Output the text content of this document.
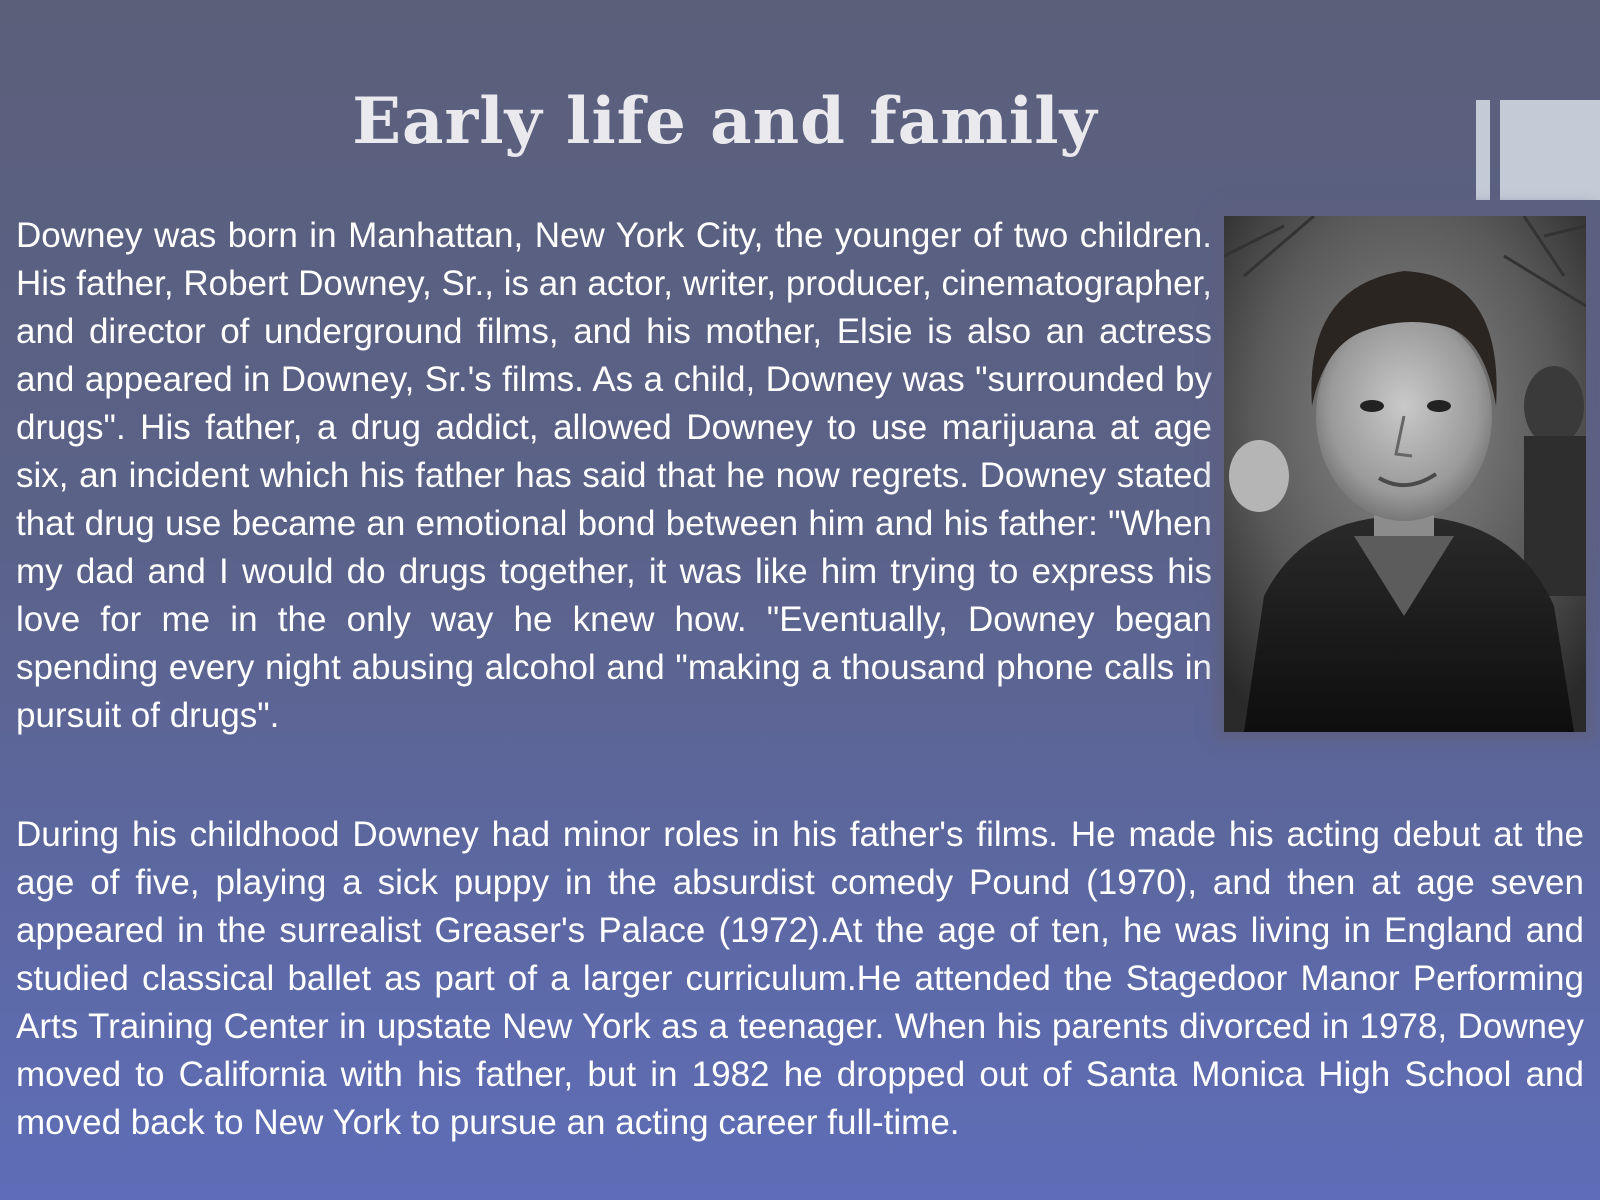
Early life and family

Downey was born in Manhattan, New York City, the younger of two children. His father, Robert Downey, Sr., is an actor, writer, producer, cinematographer, and director of underground films, and his mother, Elsie is also an actress and appeared in Downey, Sr.'s films. As a child, Downey was "surrounded by drugs". His father, a drug addict, allowed Downey to use marijuana at age six, an incident which his father has said that he now regrets. Downey stated that drug use became an emotional bond between him and his father: "When my dad and I would do drugs together, it was like him trying to express his love for me in the only way he knew how. "Eventually, Downey began spending every night abusing alcohol and "making a thousand phone calls in pursuit of drugs".

During his childhood Downey had minor roles in his father's films. He made his acting debut at the age of five, playing a sick puppy in the absurdist comedy Pound (1970), and then at age seven appeared in the surrealist Greaser's Palace (1972).At the age of ten, he was living in England and studied classical ballet as part of a larger curriculum.He attended the Stagedoor Manor Performing Arts Training Center in upstate New York as a teenager. When his parents divorced in 1978, Downey moved to California with his father, but in 1982 he dropped out of Santa Monica High School and moved back to New York to pursue an acting career full-time.
